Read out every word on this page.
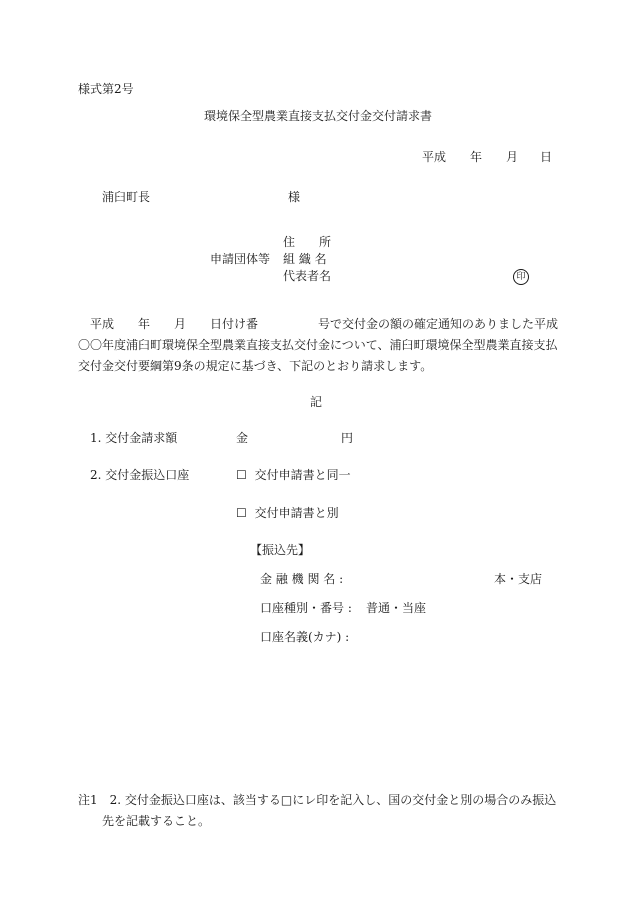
様式第2号
環境保全型農業直接支払交付金交付請求書
平成 年 月 日
浦臼町長	様
住　　所
申請団体等 組 織 名
代表者名	印
　平成　　年　　月　　日付け番　　　　　号で交付金の額の確定通知のありました平成
〇〇年度浦臼町環境保全型農業直接支払交付金について、浦臼町環境保全型農業直接支払
交付金交付要綱第9条の規定に基づき、下記のとおり請求します。
記
1. 交付金請求額	金	円
2. 交付金振込口座	☐ 交付申請書と同一
☐ 交付申請書と別
【振込先】
金 融 機 関 名 :	本・支店
口座種別・番号 : 普通・当座
口座名義(カナ) :
注1　2. 交付金振込口座は、該当する□にレ印を記入し、国の交付金と別の場合のみ振込
　　先を記載すること。
